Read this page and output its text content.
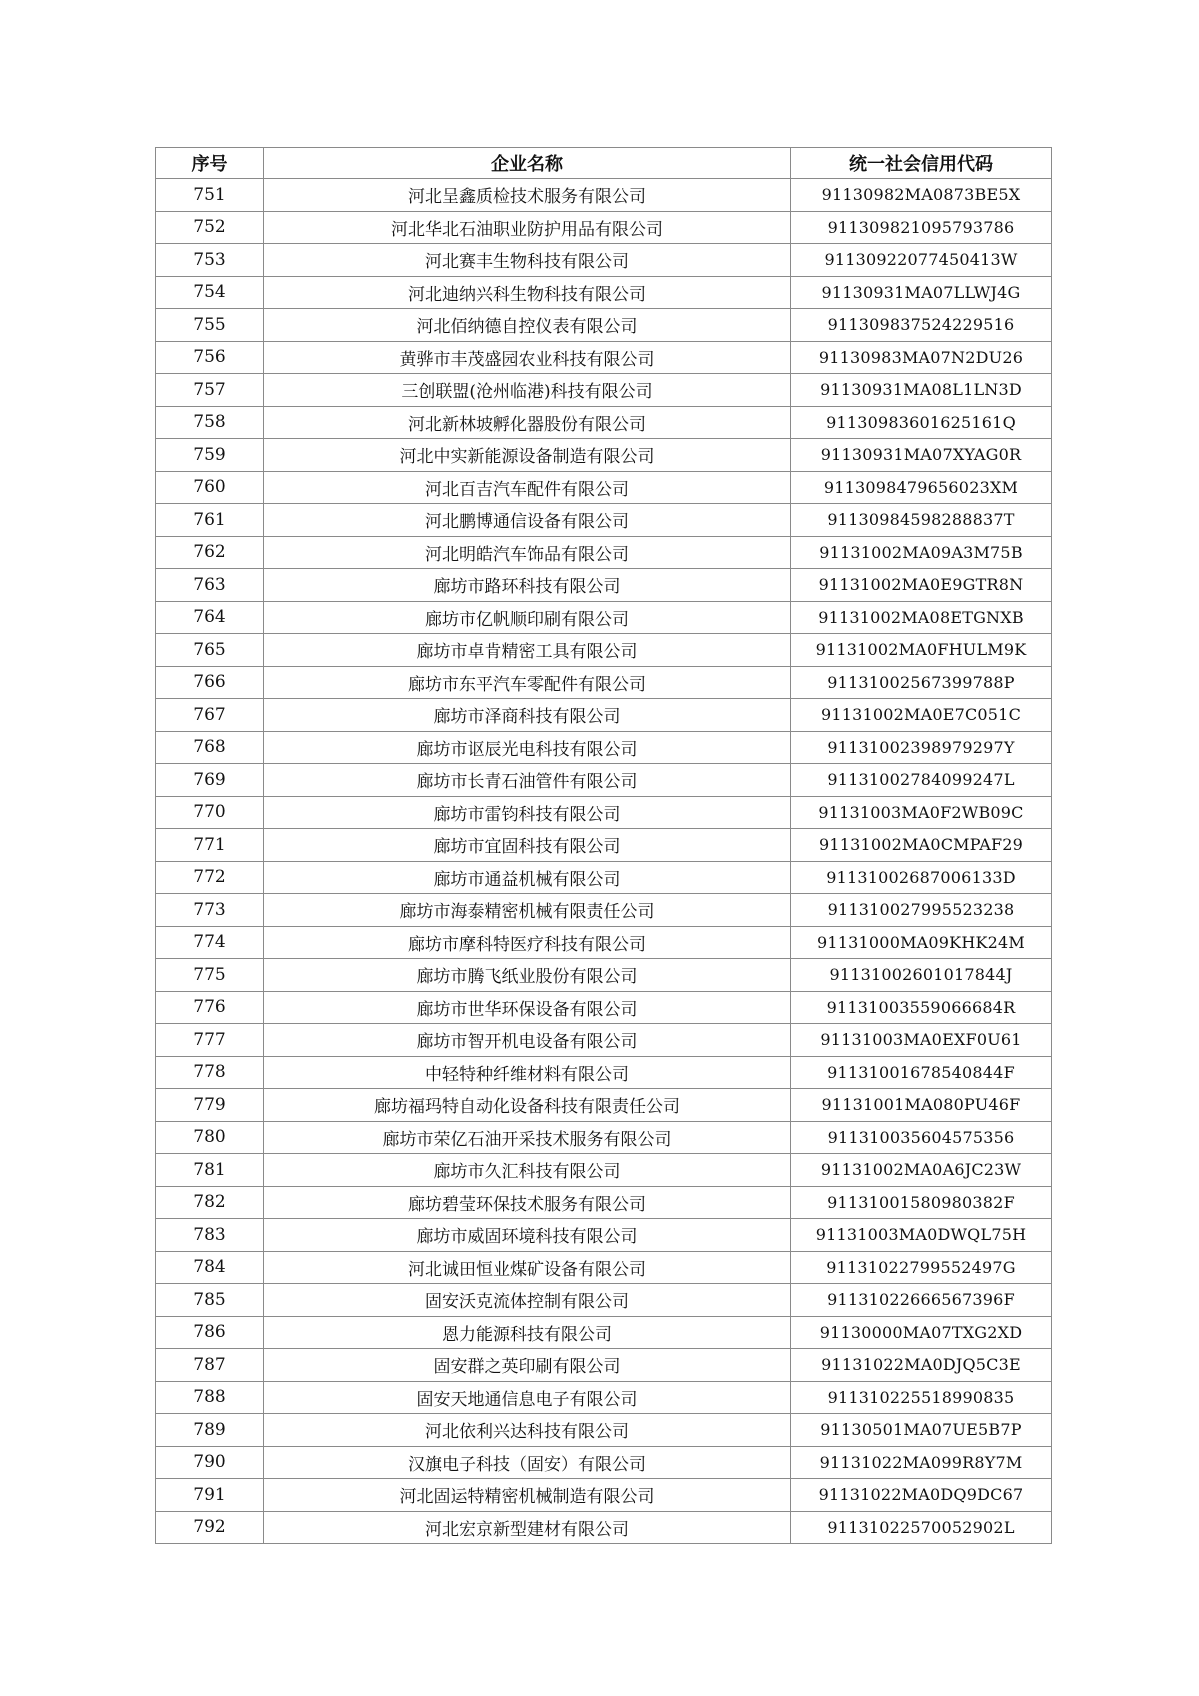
序号	企业名称	统一社会信用代码
751	河北呈鑫质检技术服务有限公司	91130982MA0873BE5X
752	河北华北石油职业防护用品有限公司	911309821095793786
753	河北赛丰生物科技有限公司	91130922077450413W
754	河北迪纳兴科生物科技有限公司	91130931MA07LLWJ4G
755	河北佰纳德自控仪表有限公司	911309837524229516
756	黄骅市丰茂盛园农业科技有限公司	91130983MA07N2DU26
757	三创联盟(沧州临港)科技有限公司	91130931MA08L1LN3D
758	河北新林坡孵化器股份有限公司	91130983601625161Q
759	河北中实新能源设备制造有限公司	91130931MA07XYAG0R
760	河北百吉汽车配件有限公司	9113098479656023XM
761	河北鹏博通信设备有限公司	91130984598288837T
762	河北明皓汽车饰品有限公司	91131002MA09A3M75B
763	廊坊市路环科技有限公司	91131002MA0E9GTR8N
764	廊坊市亿帆顺印刷有限公司	91131002MA08ETGNXB
765	廊坊市卓肯精密工具有限公司	91131002MA0FHULM9K
766	廊坊市东平汽车零配件有限公司	91131002567399788P
767	廊坊市泽商科技有限公司	91131002MA0E7C051C
768	廊坊市讴辰光电科技有限公司	91131002398979297Y
769	廊坊市长青石油管件有限公司	91131002784099247L
770	廊坊市雷钧科技有限公司	91131003MA0F2WB09C
771	廊坊市宜固科技有限公司	91131002MA0CMPAF29
772	廊坊市通益机械有限公司	91131002687006133D
773	廊坊市海泰精密机械有限责任公司	911310027995523238
774	廊坊市摩科特医疗科技有限公司	91131000MA09KHK24M
775	廊坊市腾飞纸业股份有限公司	91131002601017844J
776	廊坊市世华环保设备有限公司	91131003559066684R
777	廊坊市智开机电设备有限公司	91131003MA0EXF0U61
778	中轻特种纤维材料有限公司	91131001678540844F
779	廊坊福玛特自动化设备科技有限责任公司	91131001MA080PU46F
780	廊坊市荣亿石油开采技术服务有限公司	911310035604575356
781	廊坊市久汇科技有限公司	91131002MA0A6JC23W
782	廊坊碧莹环保技术服务有限公司	91131001580980382F
783	廊坊市威固环境科技有限公司	91131003MA0DWQL75H
784	河北诚田恒业煤矿设备有限公司	91131022799552497G
785	固安沃克流体控制有限公司	91131022666567396F
786	恩力能源科技有限公司	91130000MA07TXG2XD
787	固安群之英印刷有限公司	91131022MA0DJQ5C3E
788	固安天地通信息电子有限公司	911310225518990835
789	河北依利兴达科技有限公司	91130501MA07UE5B7P
790	汉旗电子科技（固安）有限公司	91131022MA099R8Y7M
791	河北固运特精密机械制造有限公司	91131022MA0DQ9DC67
792	河北宏京新型建材有限公司	91131022570052902L
